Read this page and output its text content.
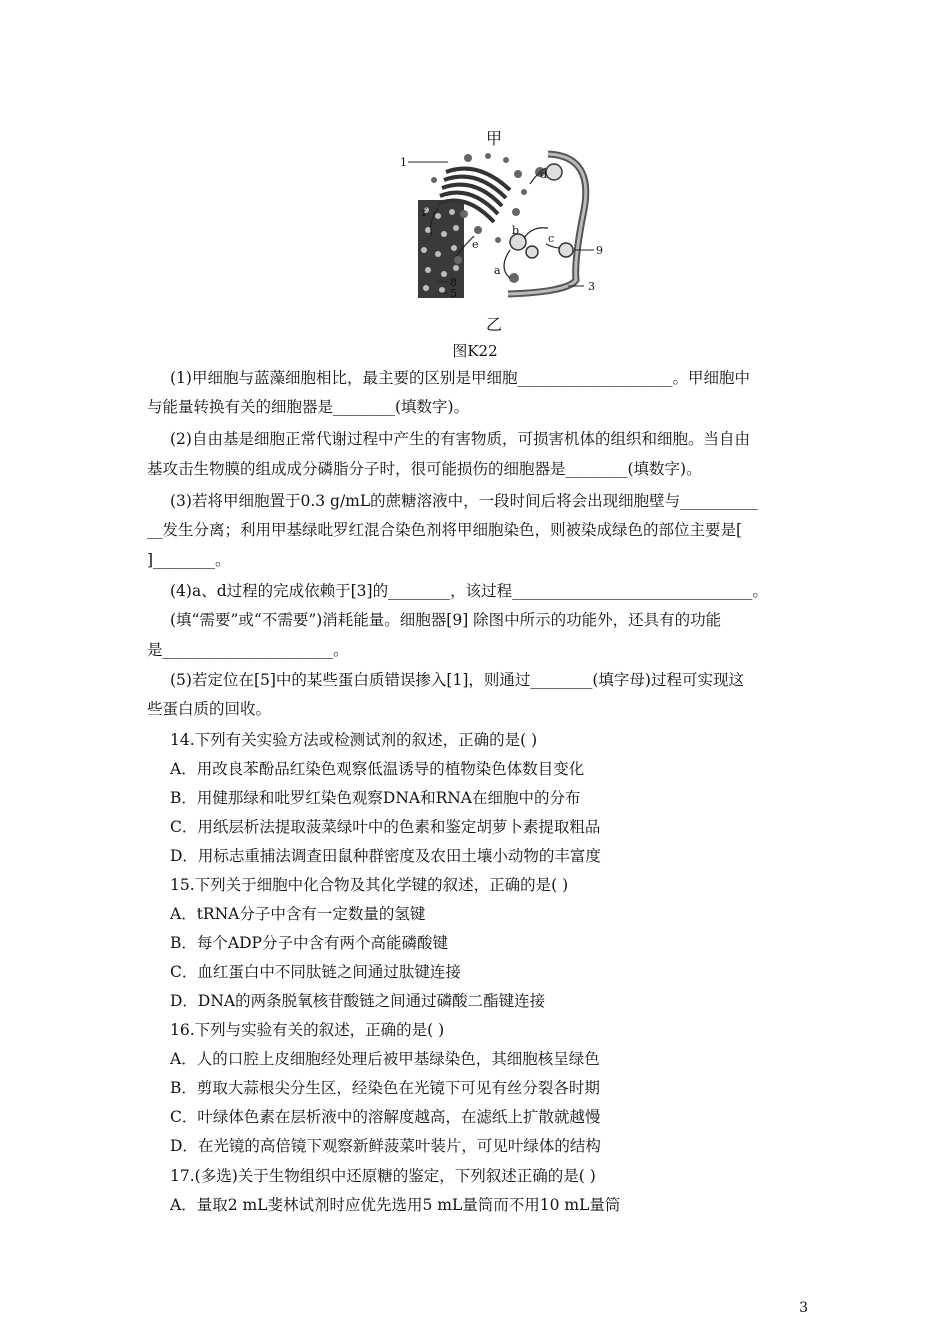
甲
1
3
8
5
9
a
b
c
d
e
f
乙
图K22
(1)甲细胞与蓝藻细胞相比，最主要的区别是甲细胞____________________。甲细胞中
与能量转换有关的细胞器是________(填数字)。
(2)自由基是细胞正常代谢过程中产生的有害物质，可损害机体的组织和细胞。当自由
基攻击生物膜的组成成分磷脂分子时，很可能损伤的细胞器是________(填数字)。
(3)若将甲细胞置于0.3 g/mL的蔗糖溶液中，一段时间后将会出现细胞壁与__________
__发生分离；利用甲基绿吡罗红混合染色剂将甲细胞染色，则被染成绿色的部位主要是[
]________。
(4)a、d过程的完成依赖于[3]的________，该过程_______________________________。
(填“需要”或“不需要”)消耗能量。细胞器[9] 除图中所示的功能外，还具有的功能
是______________________。
(5)若定位在[5]中的某些蛋白质错误掺入[1]，则通过________(填字母)过程可实现这
些蛋白质的回收。
14.下列有关实验方法或检测试剂的叙述，正确的是( )
A．用改良苯酚品红染色观察低温诱导的植物染色体数目变化
B．用健那绿和吡罗红染色观察DNA和RNA在细胞中的分布
C．用纸层析法提取菠菜绿叶中的色素和鉴定胡萝卜素提取粗品
D．用标志重捕法调查田鼠种群密度及农田土壤小动物的丰富度
15.下列关于细胞中化合物及其化学键的叙述，正确的是( )
A．tRNA分子中含有一定数量的氢键
B．每个ADP分子中含有两个高能磷酸键
C．血红蛋白中不同肽链之间通过肽键连接
D．DNA的两条脱氧核苷酸链之间通过磷酸二酯键连接
16.下列与实验有关的叙述，正确的是( )
A．人的口腔上皮细胞经处理后被甲基绿染色，其细胞核呈绿色
B．剪取大蒜根尖分生区，经染色在光镜下可见有丝分裂各时期
C．叶绿体色素在层析液中的溶解度越高，在滤纸上扩散就越慢
D．在光镜的高倍镜下观察新鲜菠菜叶装片，可见叶绿体的结构
17.(多选)关于生物组织中还原糖的鉴定，下列叙述正确的是( )
A．量取2 mL斐林试剂时应优先选用5 mL量筒而不用10 mL量筒
3
